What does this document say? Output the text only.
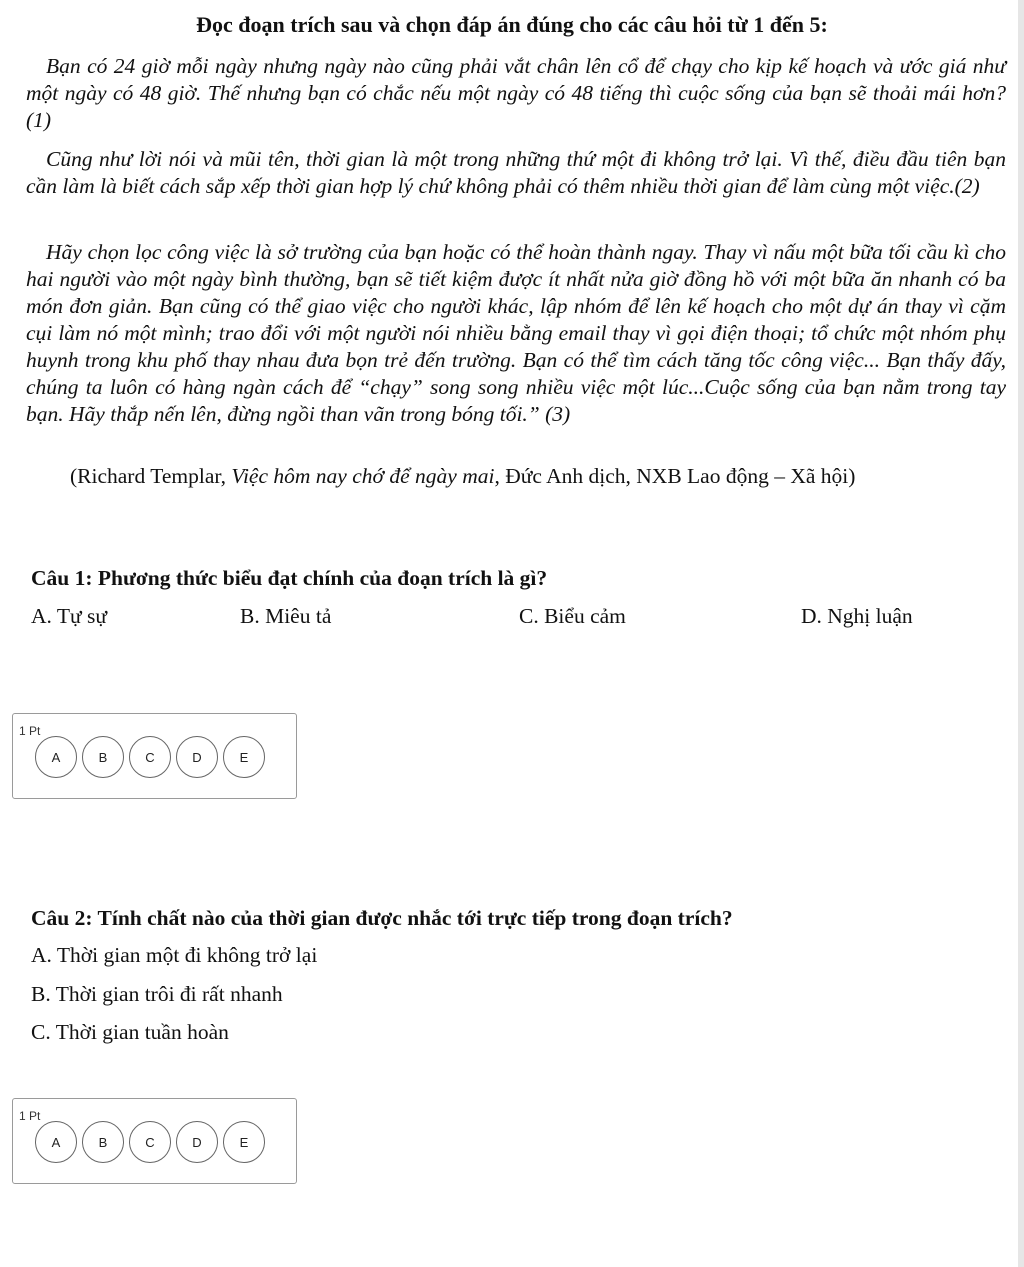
Đọc đoạn trích sau và chọn đáp án đúng cho các câu hỏi từ 1 đến 5:

Bạn có 24 giờ mỗi ngày nhưng ngày nào cũng phải vắt chân lên cổ để chạy cho kịp kế hoạch và ước giá như một ngày có 48 giờ. Thế nhưng bạn có chắc nếu một ngày có 48 tiếng thì cuộc sống của bạn sẽ thoải mái hơn? (1)

Cũng như lời nói và mũi tên, thời gian là một trong những thứ một đi không trở lại. Vì thế, điều đầu tiên bạn cần làm là biết cách sắp xếp thời gian hợp lý chứ không phải có thêm nhiều thời gian để làm cùng một việc.(2)

Hãy chọn lọc công việc là sở trường của bạn hoặc có thể hoàn thành ngay. Thay vì nấu một bữa tối cầu kì cho hai người vào một ngày bình thường, bạn sẽ tiết kiệm được ít nhất nửa giờ đồng hồ với một bữa ăn nhanh có ba món đơn giản. Bạn cũng có thể giao việc cho người khác, lập nhóm để lên kế hoạch cho một dự án thay vì cặm cụi làm nó một mình; trao đổi với một người nói nhiều bằng email thay vì gọi điện thoại; tổ chức một nhóm phụ huynh trong khu phố thay nhau đưa bọn trẻ đến trường. Bạn có thể tìm cách tăng tốc công việc... Bạn thấy đấy, chúng ta luôn có hàng ngàn cách để “chạy” song song nhiều việc một lúc...Cuộc sống của bạn nằm trong tay bạn. Hãy thắp nến lên, đừng ngồi than vãn trong bóng tối.” (3)

(Richard Templar, Việc hôm nay chớ để ngày mai, Đức Anh dịch, NXB Lao động – Xã hội)
Câu 1: Phương thức biểu đạt chính của đoạn trích là gì?
A. Tự sự	B. Miêu tả	C. Biểu cảm	D. Nghị luận
1 Pt
A	B	C	D	E
Câu 2: Tính chất nào của thời gian được nhắc tới trực tiếp trong đoạn trích?
A. Thời gian một đi không trở lại
B. Thời gian trôi đi rất nhanh
C. Thời gian tuần hoàn
1 Pt
A	B	C	D	E
